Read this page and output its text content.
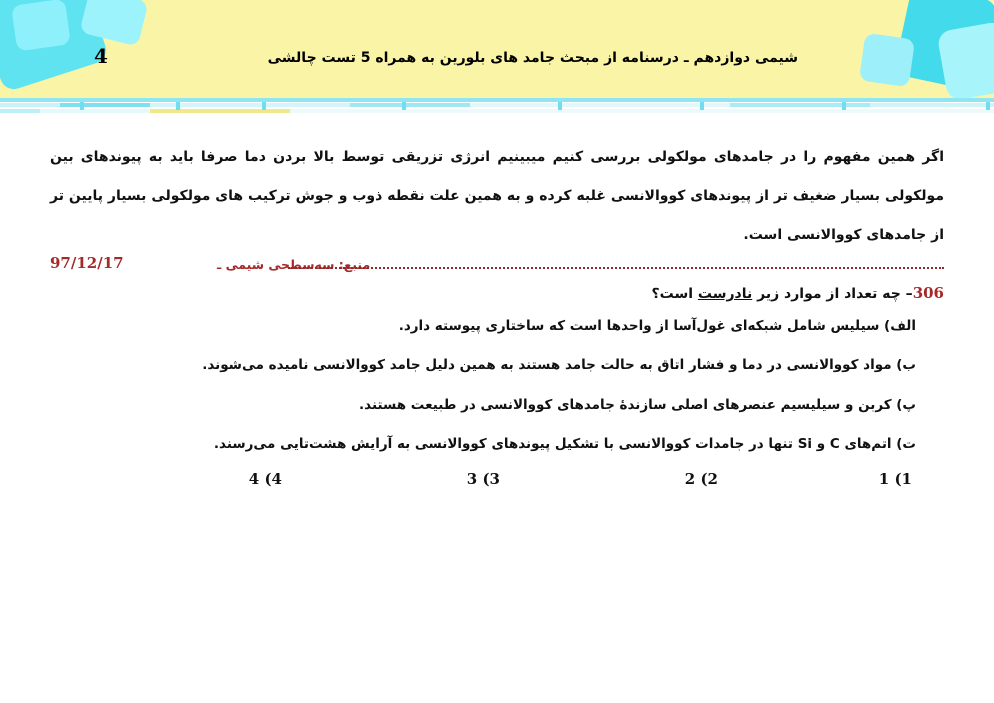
4	شیمی دوازدهم ـ درسنامه از مبحث جامد های بلورین به همراه 5 تست چالشی
اگر همین مفهوم را در جامدهای مولکولی بررسی کنیم میبینیم انرژی تزریقی توسط بالا بردن دما صرفا باید به پیوندهای بین مولکولی بسیار ضغیف تر از پیوندهای کووالانسی غلبه کرده و به همین علت نقطه ذوب و جوش ترکیب های مولکولی بسیار پایین تر از جامدهای کووالانسی است.
97/12/17	منبع: سه‌سطحی شیمی ـ
306– چه تعداد از موارد زیر نادرست است؟
الف) سیلیس شامل شبکه‌ای غول‌آسا از واحدها است که ساختاری پیوسته دارد.
ب) مواد کووالانسی در دما و فشار اتاق به حالت جامد هستند به همین دلیل جامد کووالانسی نامیده می‌شوند.
پ) کربن و سیلیسیم عنصرهای اصلی سازندۀ جامدهای کووالانسی در طبیعت هستند.
ت) اتم‌های C و Si تنها در جامدات کووالانسی با تشکیل پیوندهای کووالانسی به آرایش هشت‌تایی می‌رسند.
1 (1
2 (2
3 (3
4 (4
